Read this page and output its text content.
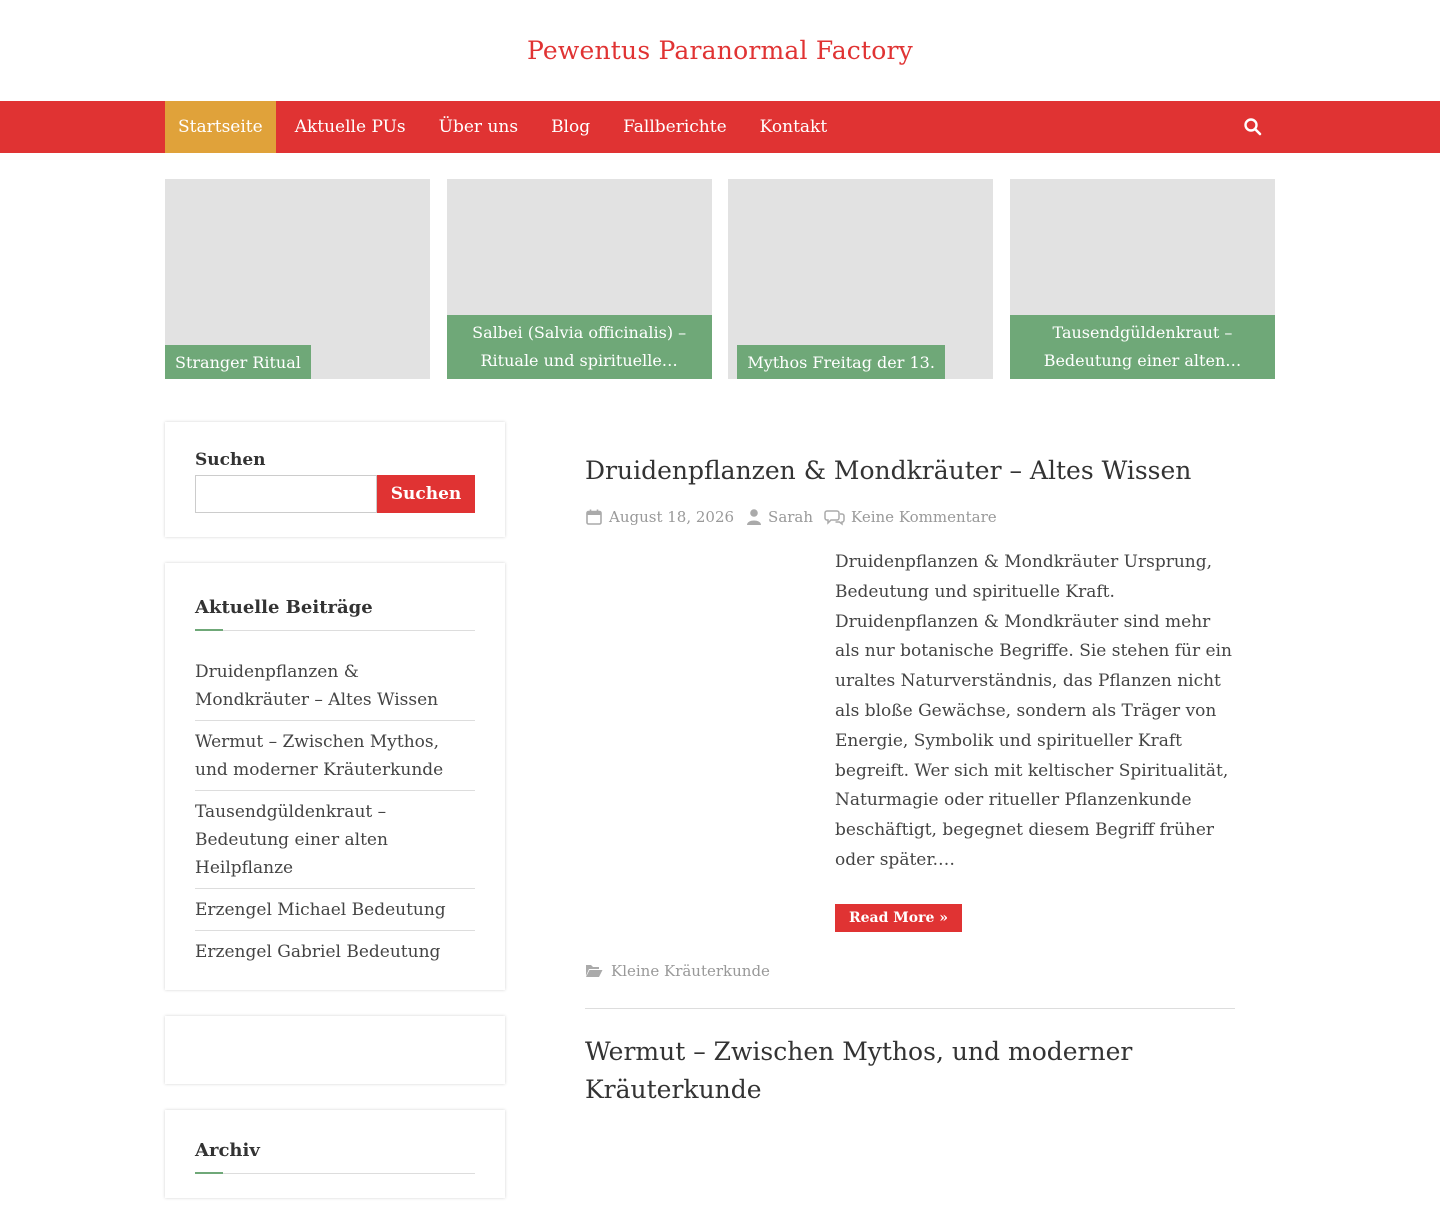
Pewentus Paranormal Factory
Startseite	Aktuelle PUs	Über uns	Blog	Fallberichte	Kontakt
Stranger Ritual
Salbei (Salvia officinalis) – Rituale und spirituelle…	Mythos Freitag der 13.
Tausendgüldenkraut – Bedeutung einer alten…
Suchen
Suchen
Aktuelle Beiträge
Druidenpflanzen & Mondkräuter – Altes Wissen
Wermut – Zwischen Mythos, und moderner Kräuterkunde
Tausendgüldenkraut – Bedeutung einer alten Heilpflanze
Erzengel Michael Bedeutung
Erzengel Gabriel Bedeutung
Archiv
Druidenpflanzen & Mondkräuter – Altes Wissen
August 18, 2026 Sarah	Keine Kommentare

Druidenpflanzen & Mondkräuter Ursprung, Bedeutung und spirituelle Kraft. Druidenpflanzen & Mondkräuter sind mehr als nur botanische Begriffe. Sie stehen für ein uraltes Naturverständnis, das Pflanzen nicht als bloße Gewächse, sondern als Träger von Energie, Symbolik und spiritueller Kraft begreift. Wer sich mit keltischer Spiritualität, Naturmagie oder ritueller Pflanzenkunde beschäftigt, begegnet diesem Begriff früher oder später.…

Read More »
Kleine Kräuterkunde
Wermut – Zwischen Mythos, und moderner Kräuterkunde
